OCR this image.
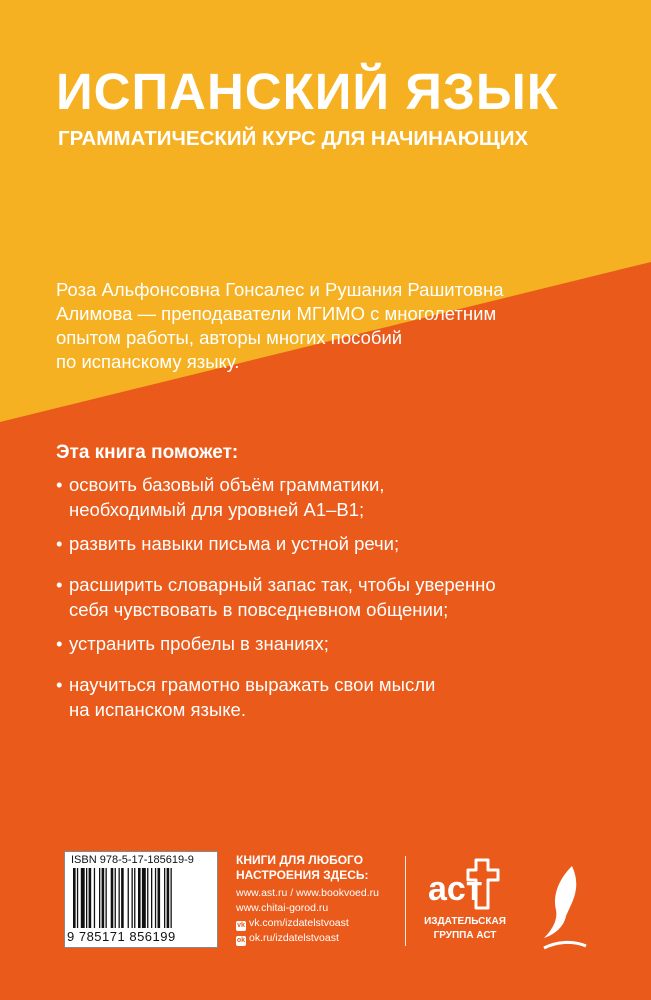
ИСПАНСКИЙ ЯЗЫК
ГРАММАТИЧЕСКИЙ КУРС ДЛЯ НАЧИНАЮЩИХ
Роза Альфонсовна Гонсалес и Рушания Рашитовна
Алимова — преподаватели МГИМО с многолетним
опытом работы, авторы многих пособий
по испанскому языку.
Эта книга поможет:
• освоить базовый объём грамматики,
необходимый для уровней А1–В1;
• развить навыки письма и устной речи;
• расширить словарный запас так, чтобы уверенно
себя чувствовать в повседневном общении;
• устранить пробелы в знаниях;
• научиться грамотно выражать свои мысли
на испанском языке.
ISBN 978-5-17-185619-9
9 785171 856199
КНИГИ ДЛЯ ЛЮБОГО
НАСТРОЕНИЯ ЗДЕСЬ:
www.ast.ru / www.bookvoed.ru
www.chitai-gorod.ru
vk vk.com/izdatelstvoast
ok ok.ru/izdatelstvoast
аст
ИЗДАТЕЛЬСКАЯ
ГРУППА АСТ
